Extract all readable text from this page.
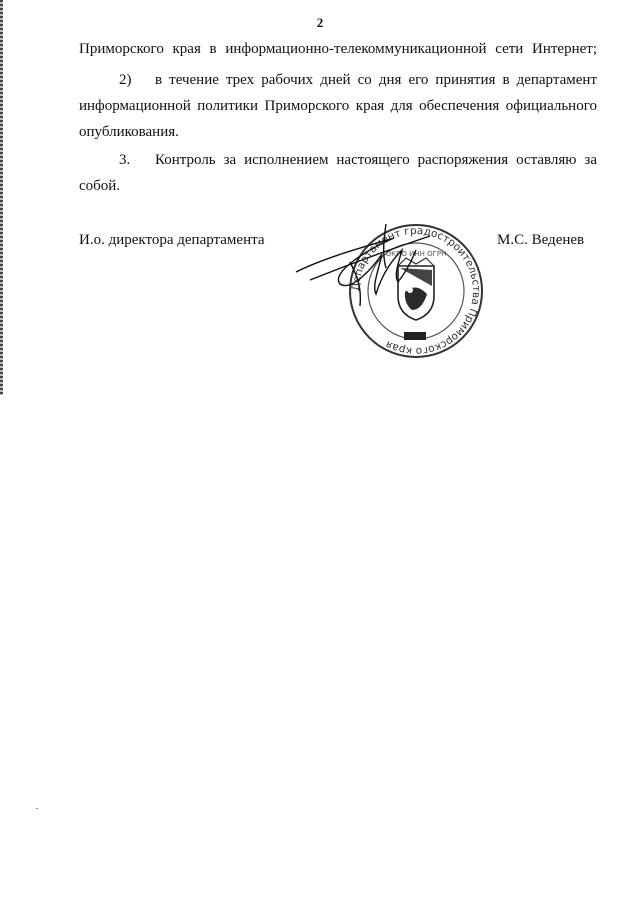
2
Приморского края в информационно-телекоммуникационной сети Интернет;
2) в течение трех рабочих дней со дня его принятия в департамент
информационной политики Приморского края для обеспечения официального
опубликования.
3. Контроль за исполнением настоящего распоряжения оставляю за
собой.
И.о. директора департамента	М.С. Веденев
Департамент градостроительства Приморского края
ОКПО ИНН ОГРН
